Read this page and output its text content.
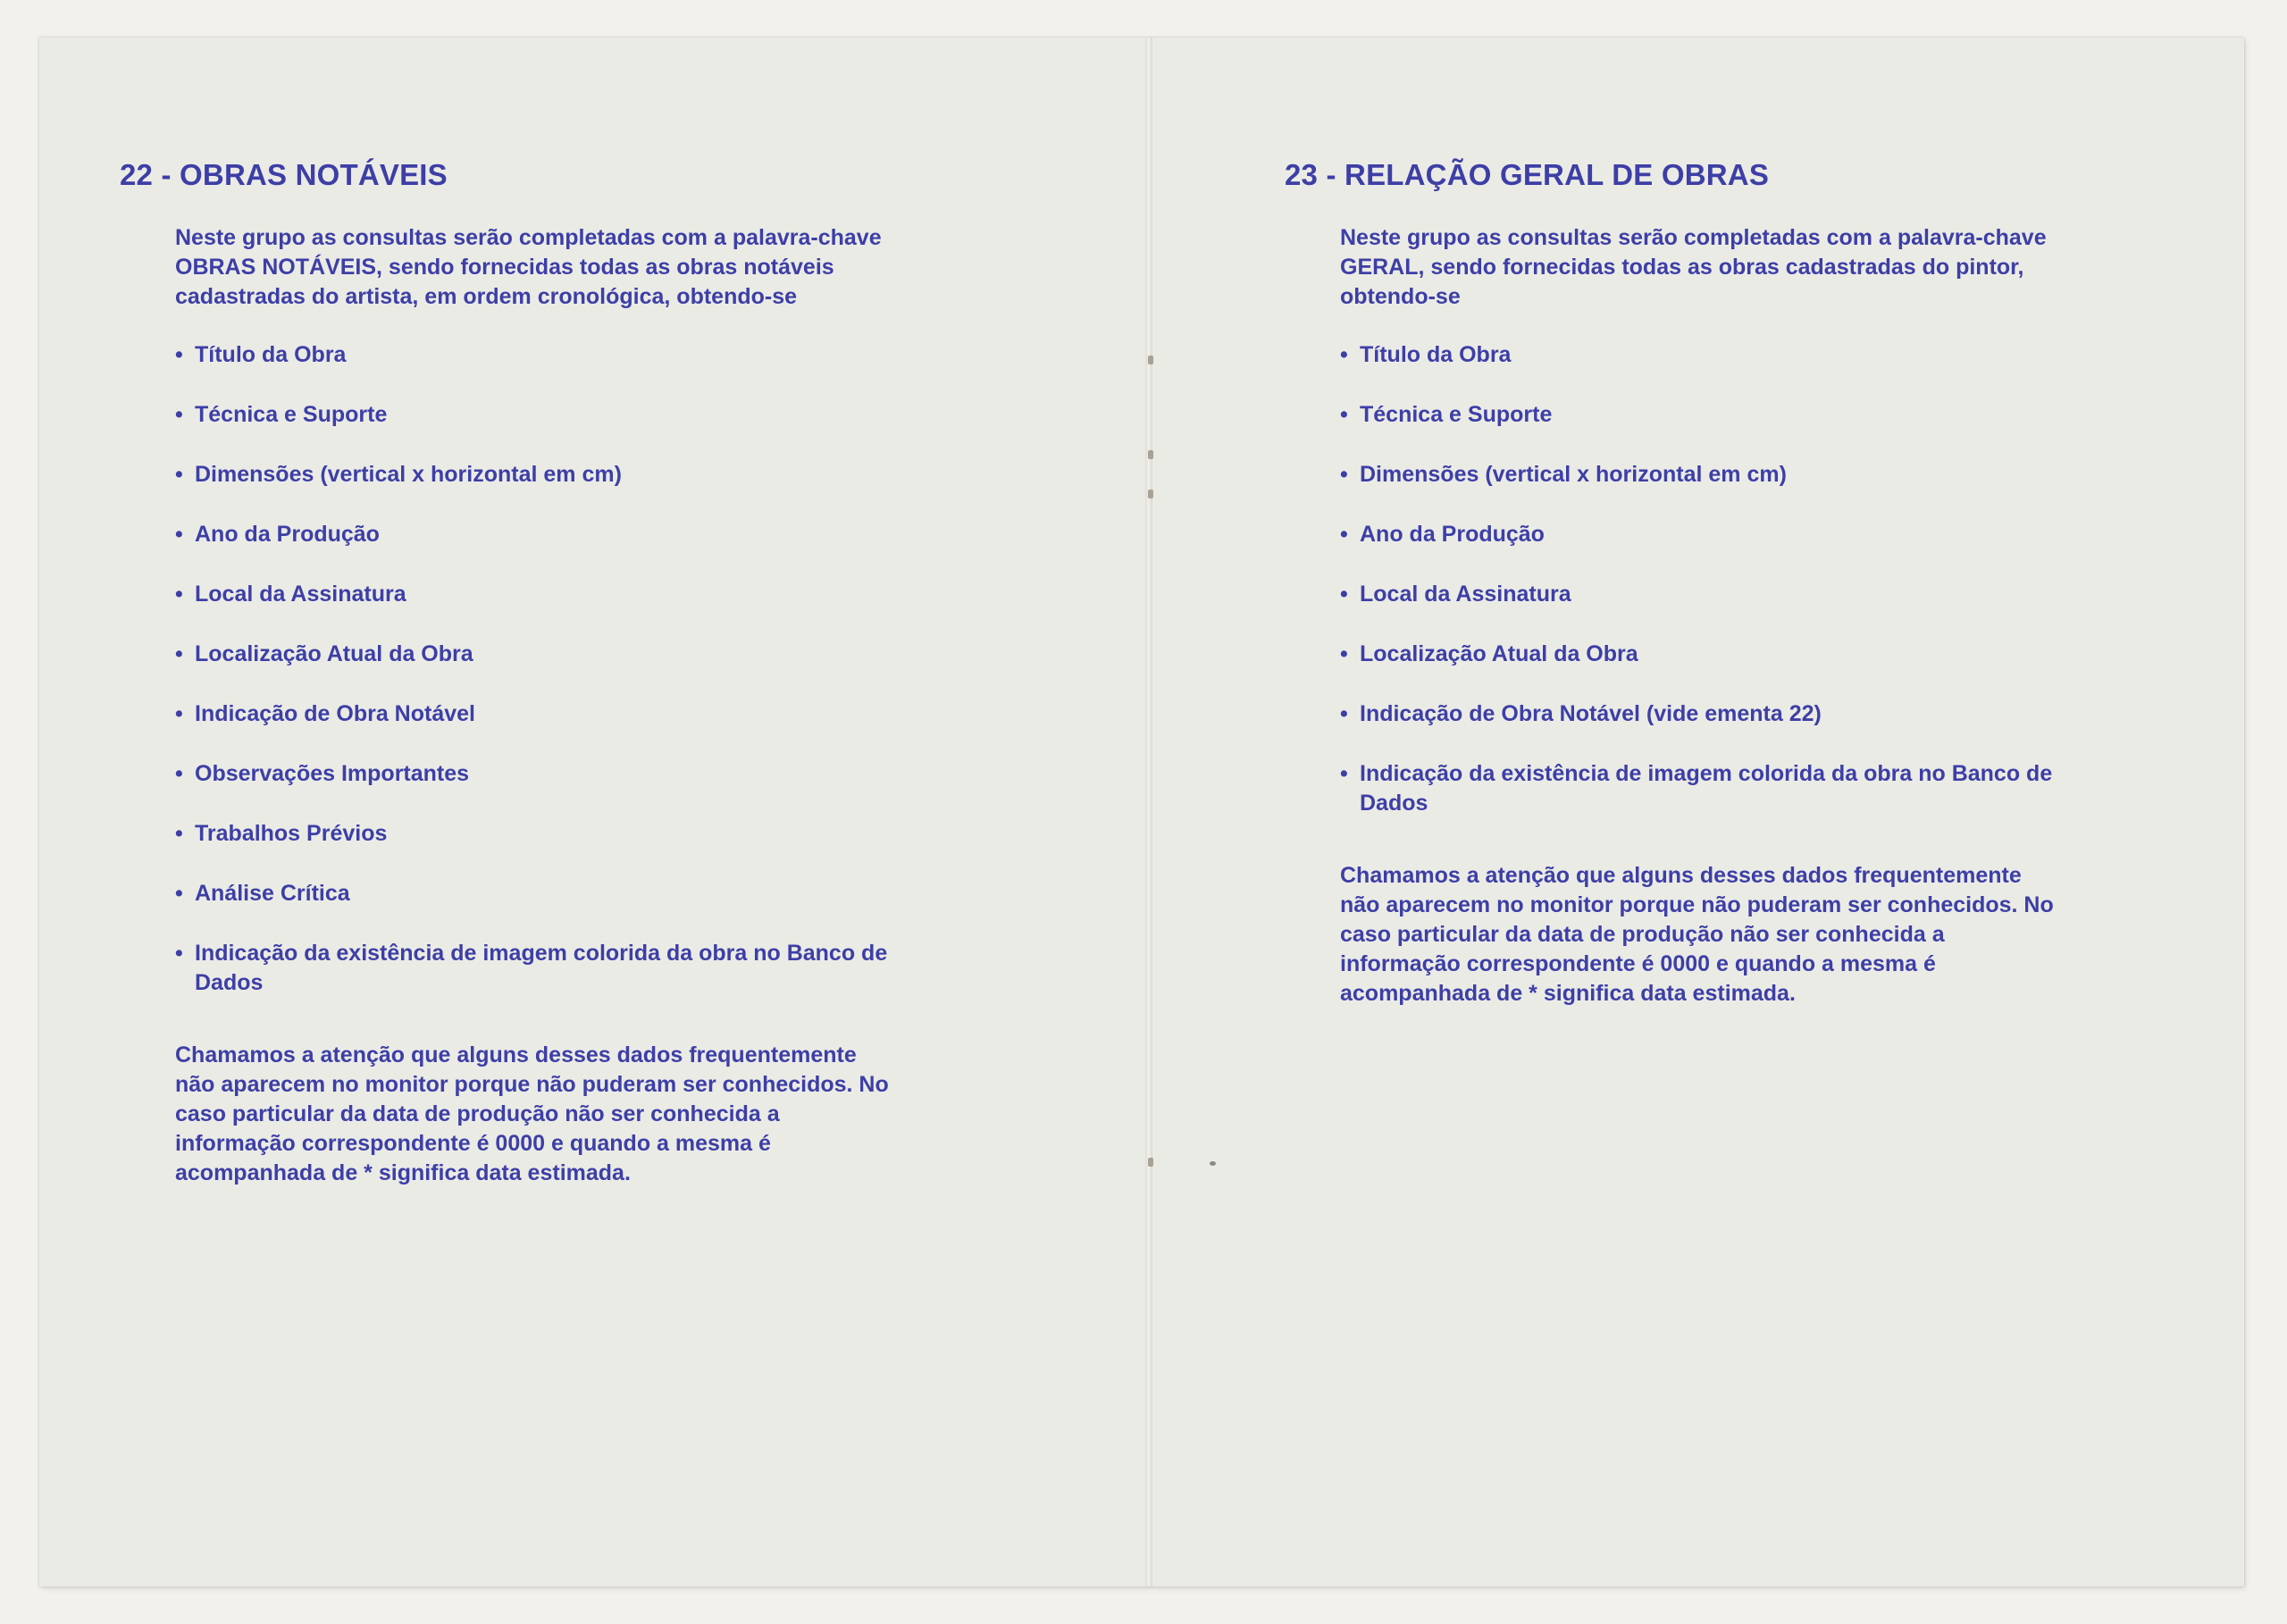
22 - OBRAS NOTÁVEIS

Neste grupo as consultas serão completadas com a palavra-chave OBRAS NOTÁVEIS, sendo fornecidas todas as obras notáveis cadastradas do artista, em ordem cronológica, obtendo-se

• Título da Obra
• Técnica e Suporte
• Dimensões (vertical x horizontal em cm)
• Ano da Produção
• Local da Assinatura
• Localização Atual da Obra
• Indicação de Obra Notável
• Observações Importantes
• Trabalhos Prévios
• Análise Crítica
• Indicação da existência de imagem colorida da obra no Banco de Dados

Chamamos a atenção que alguns desses dados frequentemente não aparecem no monitor porque não puderam ser conhecidos. No caso particular da data de produção não ser conhecida a informação correspondente é 0000 e quando a mesma é acompanhada de * significa data estimada.

23 - RELAÇÃO GERAL DE OBRAS

Neste grupo as consultas serão completadas com a palavra-chave GERAL, sendo fornecidas todas as obras cadastradas do pintor, obtendo-se

• Título da Obra
• Técnica e Suporte
• Dimensões (vertical x horizontal em cm)
• Ano da Produção
• Local da Assinatura
• Localização Atual da Obra
• Indicação de Obra Notável (vide ementa 22)
• Indicação da existência de imagem colorida da obra no Banco de Dados

Chamamos a atenção que alguns desses dados frequentemente não aparecem no monitor porque não puderam ser conhecidos. No caso particular da data de produção não ser conhecida a informação correspondente é 0000 e quando a mesma é acompanhada de * significa data estimada.
